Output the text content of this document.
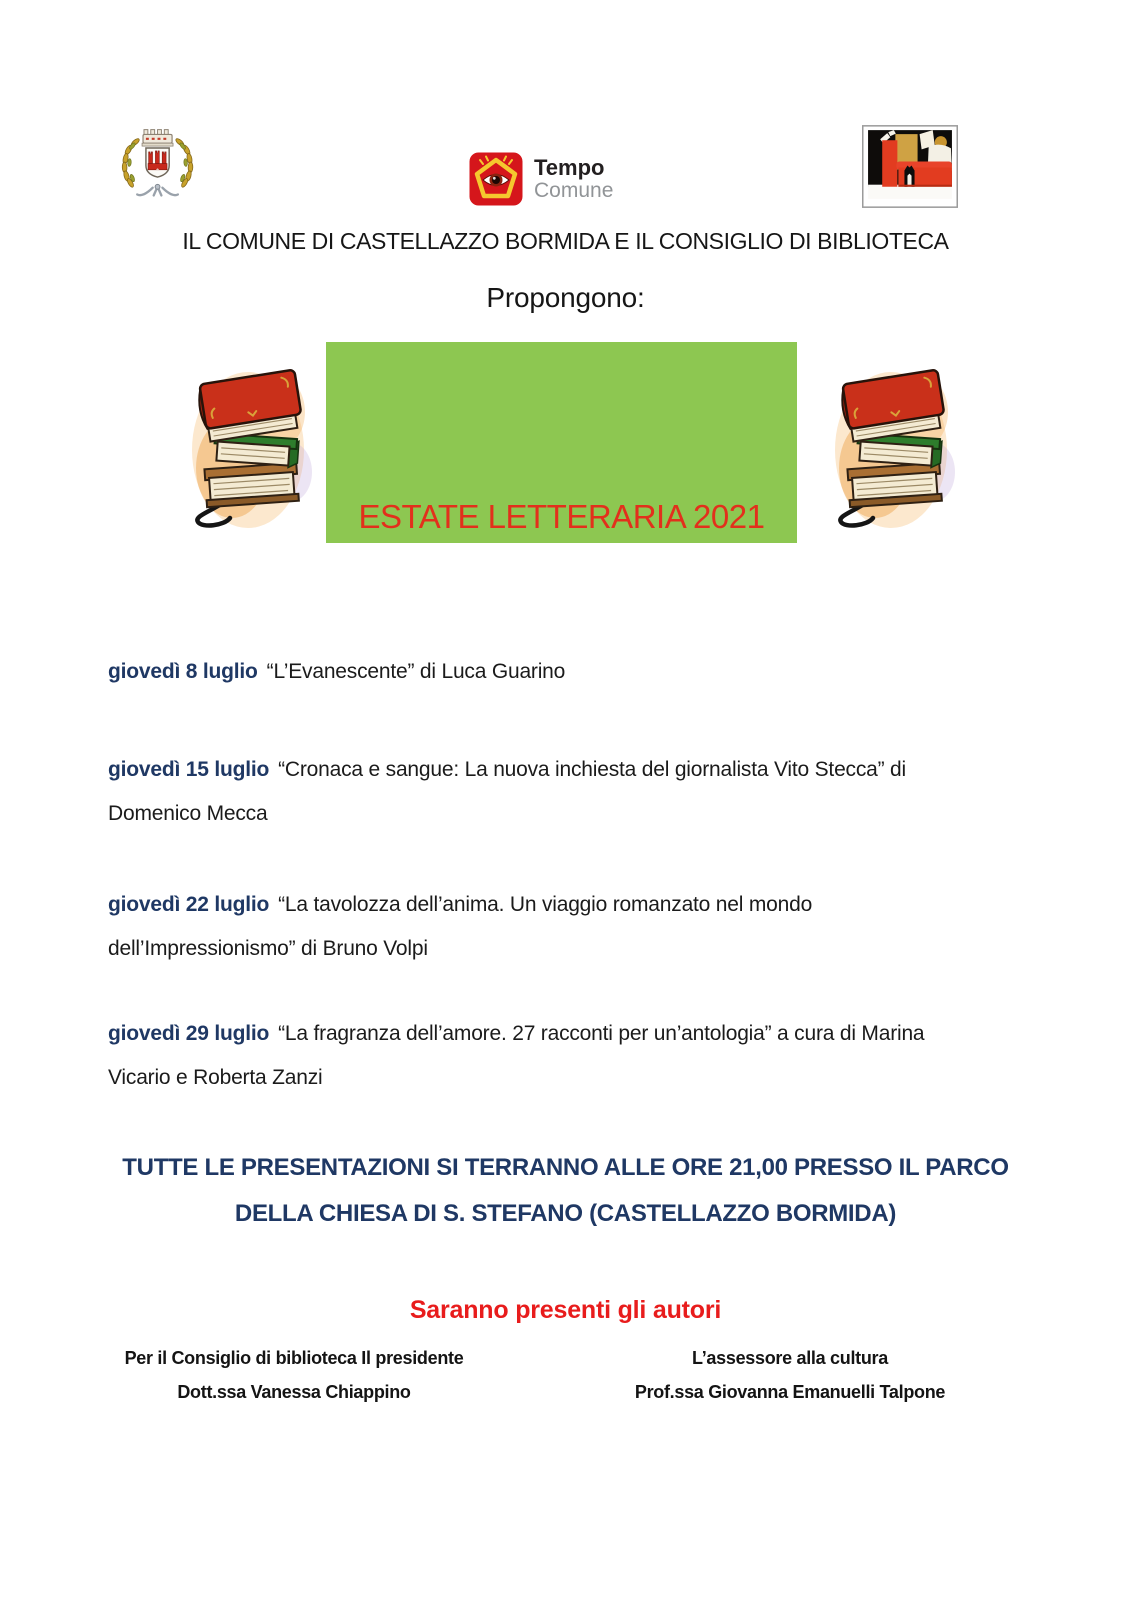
Tempo
Comune
IL COMUNE DI CASTELLAZZO BORMIDA E IL CONSIGLIO DI BIBLIOTECA
Propongono:
ESTATE LETTERARIA 2021

giovedì 8 luglio “L’Evanescente” di Luca Guarino

giovedì 15 luglio “Cronaca e sangue: La nuova inchiesta del giornalista Vito Stecca” di Domenico Mecca

giovedì 22 luglio “La tavolozza dell’anima. Un viaggio romanzato nel mondo dell’Impressionismo” di Bruno Volpi

giovedì 29 luglio “La fragranza dell’amore. 27 racconti per un’antologia” a cura di Marina Vicario e Roberta Zanzi

TUTTE LE PRESENTAZIONI SI TERRANNO ALLE ORE 21,00 PRESSO IL PARCO DELLA CHIESA DI S. STEFANO (CASTELLAZZO BORMIDA)

Saranno presenti gli autori

Per il Consiglio di biblioteca Il presidente
Dott.ssa Vanessa Chiappino
L’assessore alla cultura
Prof.ssa Giovanna Emanuelli Talpone
